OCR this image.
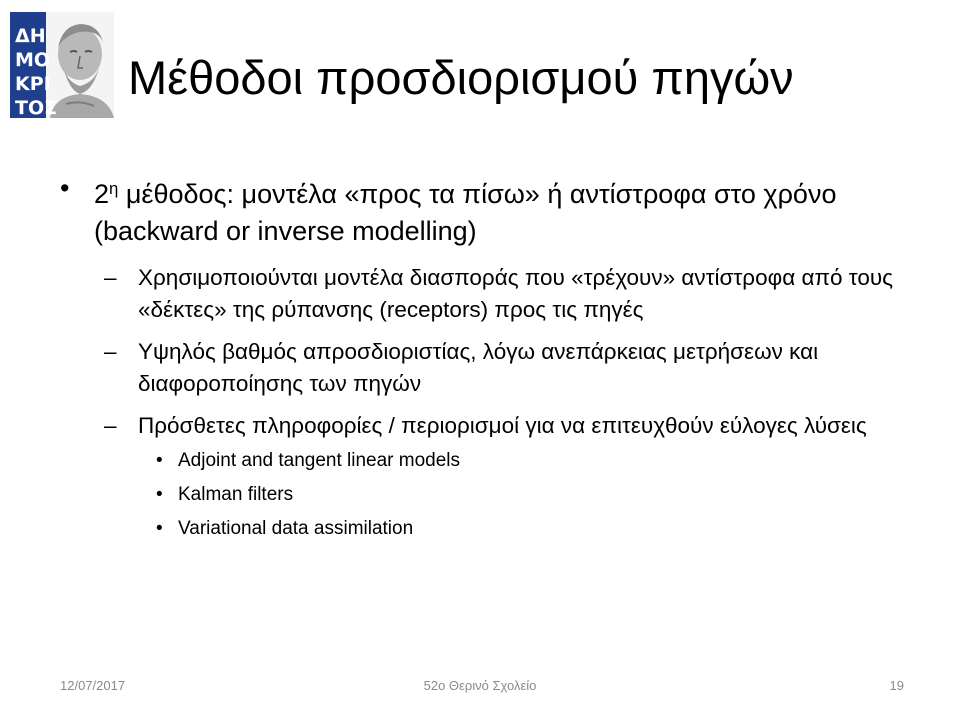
ΔΗ
ΜΟ
ΚΡΙ
ΤΟΣ
Μέθοδοι προσδιορισμού πηγών
• $2^\eta$ μέθοδος: μοντέλα «προς τα πίσω» ή αντίστροφα στο χρόνο (backward or inverse modelling)
– Χρησιμοποιούνται μοντέλα διασποράς που «τρέχουν» αντίστροφα από τους «δέκτες» της ρύπανσης (receptors) προς τις πηγές
– Υψηλός βαθμός απροσδιοριστίας, λόγω ανεπάρκειας μετρήσεων και διαφοροποίησης των πηγών
– Πρόσθετες πληροφορίες / περιορισμοί για να επιτευχθούν εύλογες λύσεις
• Adjoint and tangent linear models
• Kalman filters
• Variational data assimilation
12/07/2017	52ο Θερινό Σχολείο	19
